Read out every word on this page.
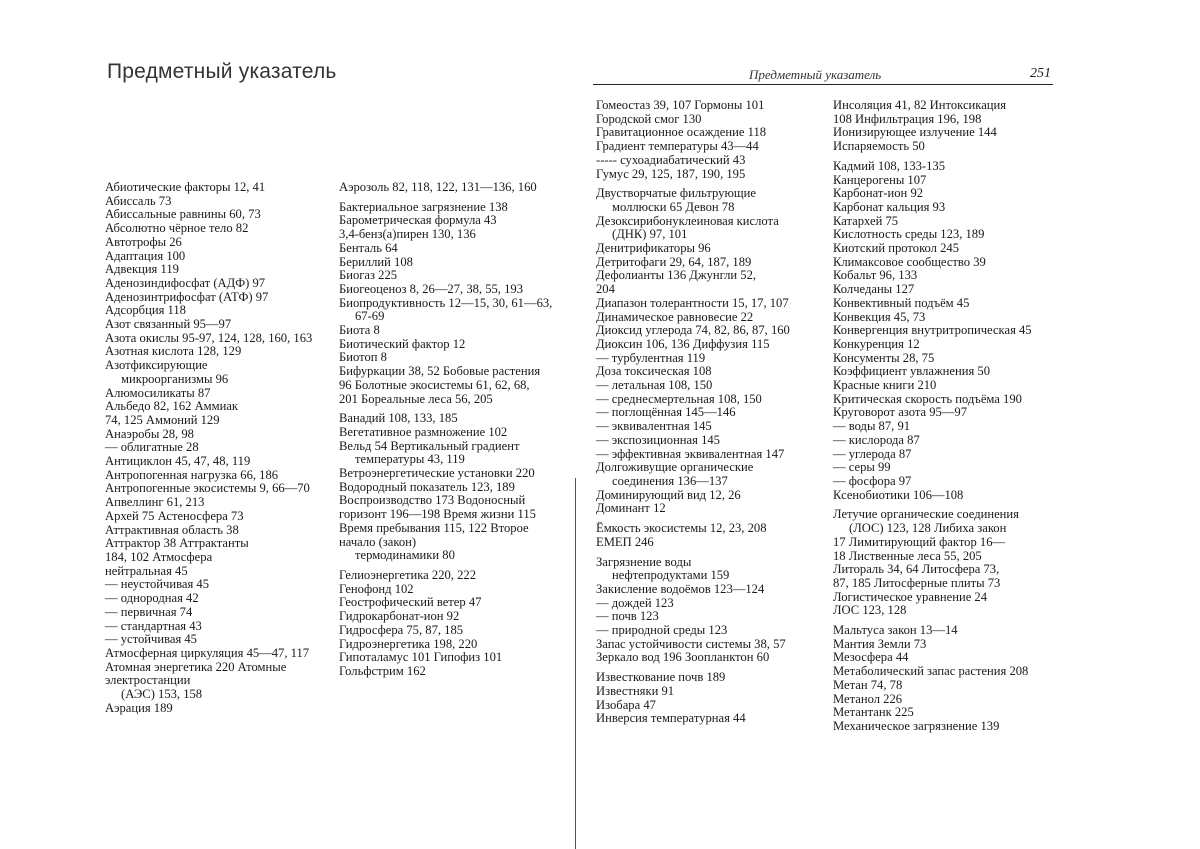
Предметный указатель	Предметный указатель	251
Абиотические факторы 12, 41
Абиссаль 73
Абиссальные равнины 60, 73
Абсолютно чёрное тело 82
Автотрофы 26
Адаптация 100
Адвекция 119
Аденозиндифосфат (АДФ) 97
Аденозинтрифосфат (АТФ) 97
Адсорбция 118
Азот связанный 95—97
Азота окислы 95-97, 124, 128, 160, 163
Азотная кислота 128, 129
Азотфиксирующие
микроорганизмы 96
Алюмосиликаты 87
Альбедо 82, 162 Аммиак
74, 125 Аммоний 129
Анаэробы 28, 98
— облигатные 28
Антициклон 45, 47, 48, 119
Антропогенная нагрузка 66, 186
Антропогенные экосистемы 9, 66—70
Апвеллинг 61, 213
Архей 75 Астеносфера 73
Аттрактивная область 38
Аттрактор 38 Аттрактанты
184, 102 Атмосфера
нейтральная 45
— неустойчивая 45
— однородная 42
— первичная 74
— стандартная 43
— устойчивая 45
Атмосферная циркуляция 45—47, 117
Атомная энергетика 220 Атомные
электростанции
(АЭС) 153, 158
Аэрация 189
Аэрозоль 82, 118, 122, 131—136, 160
Бактериальное загрязнение 138
Барометрическая формула 43
3,4-бенз(а)пирен 130, 136
Бенталь 64
Бериллий 108
Биогаз 225
Биогеоценоз 8, 26—27, 38, 55, 193
Биопродуктивность 12—15, 30, 61—63,
67-69
Биота 8
Биотический фактор 12
Биотоп 8
Бифуркации 38, 52 Бобовые растения
96 Болотные экосистемы 61, 62, 68,
201 Бореальные леса 56, 205
Ванадий 108, 133, 185
Вегетативное размножение 102
Вельд 54 Вертикальный градиент
температуры 43, 119
Ветроэнергетические установки 220
Водородный показатель 123, 189
Воспроизводство 173 Водоносный
горизонт 196—198 Время жизни 115
Время пребывания 115, 122 Второе
начало (закон)
термодинамики 80
Гелиоэнергетика 220, 222
Генофонд 102
Геострофический ветер 47
Гидрокарбонат-ион 92
Гидросфера 75, 87, 185
Гидроэнергетика 198, 220
Гипоталамус 101 Гипофиз 101
Гольфстрим 162
Гомеостаз 39, 107 Гормоны 101
Городской смог 130
Гравитационное осаждение 118
Градиент температуры 43—44
----- сухоадиабатический 43
Гумус 29, 125, 187, 190, 195
Двустворчатые фильтрующие
моллюски 65 Девон 78
Дезоксирибонуклеиновая кислота
(ДНК) 97, 101
Денитрификаторы 96
Детритофаги 29, 64, 187, 189
Дефолианты 136 Джунгли 52,
204
Диапазон толерантности 15, 17, 107
Динамическое равновесие 22
Диоксид углерода 74, 82, 86, 87, 160
Диоксин 106, 136 Диффузия 115
— турбулентная 119
Доза токсическая 108
— летальная 108, 150
— среднесмертельная 108, 150
— поглощённая 145—146
— эквивалентная 145
— экспозиционная 145
— эффективная эквивалентная 147
Долгоживущие органические
соединения 136—137
Доминирующий вид 12, 26
Доминант 12
Ёмкость экосистемы 12, 23, 208
ЕМЕП 246
Загрязнение воды
нефтепродуктами 159
Закисление водоёмов 123—124
— дождей 123
— почв 123
— природной среды 123
Запас устойчивости системы 38, 57
Зеркало вод 196 Зоопланктон 60
Известкование почв 189
Известняки 91
Изобара 47
Инверсия температурная 44
Инсоляция 41, 82 Интоксикация
108 Инфильтрация 196, 198
Ионизирующее излучение 144
Испаряемость 50
Кадмий 108, 133-135
Канцерогены 107
Карбонат-ион 92
Карбонат кальция 93
Катархей 75
Кислотность среды 123, 189
Киотский протокол 245
Климаксовое сообщество 39
Кобальт 96, 133
Колчеданы 127
Конвективный подъём 45
Конвекция 45, 73
Конвергенция внутритропическая 45
Конкуренция 12
Консументы 28, 75
Коэффициент увлажнения 50
Красные книги 210
Критическая скорость подъёма 190
Круговорот азота 95—97
— воды 87, 91
— кислорода 87
— углерода 87
— серы 99
— фосфора 97
Ксенобиотики 106—108
Летучие органические соединения
(ЛОС) 123, 128 Либиха закон
17 Лимитирующий фактор 16—
18 Лиственные леса 55, 205
Литораль 34, 64 Литосфера 73,
87, 185 Литосферные плиты 73
Логистическое уравнение 24
ЛОС 123, 128
Мальтуса закон 13—14
Мантия Земли 73
Мезосфера 44
Метаболический запас растения 208
Метан 74, 78
Метанол 226
Метантанк 225
Механическое загрязнение 139
